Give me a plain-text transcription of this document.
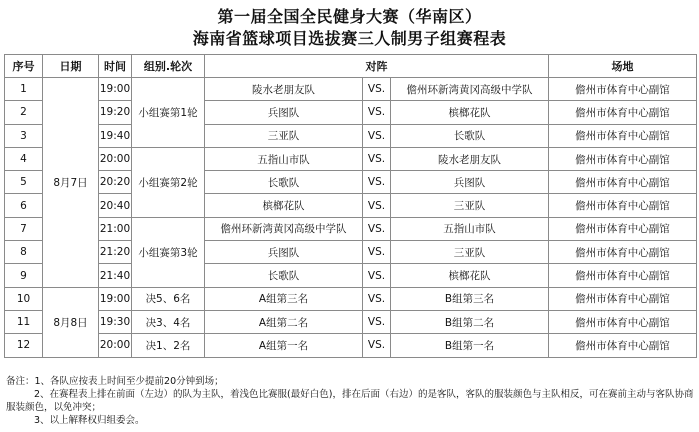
第一届全国全民健身大赛（华南区）
海南省篮球项目选拔赛三人制男子组赛程表
序号	日期	时间	组别.轮次	对阵			场地
1	8月7日	19:00	小组赛第1轮	陵水老朋友队	VS.	儋州环新湾黄冈高级中学队	儋州市体育中心副馆
2		19:20		兵图队	VS.	槟榔花队	儋州市体育中心副馆
3		19:40		三亚队	VS.	长歌队	儋州市体育中心副馆
4		20:00	小组赛第2轮	五指山市队	VS.	陵水老朋友队	儋州市体育中心副馆
5		20:20		长歌队	VS.	兵图队	儋州市体育中心副馆
6		20:40		槟榔花队	VS.	三亚队	儋州市体育中心副馆
7		21:00	小组赛第3轮	儋州环新湾黄冈高级中学队	VS.	五指山市队	儋州市体育中心副馆
8		21:20		兵图队	VS.	三亚队	儋州市体育中心副馆
9		21:40		长歌队	VS.	槟榔花队	儋州市体育中心副馆
10	8月8日	19:00	决5、6名	A组第三名	VS.	B组第三名	儋州市体育中心副馆
11		19:30	决3、4名	A组第二名	VS.	B组第二名	儋州市体育中心副馆
12		20:00	决1、2名	A组第一名	VS.	B组第一名	儋州市体育中心副馆
备注：1、各队应按表上时间至少提前20分钟到场；
2、在赛程表上排在前面（左边）的队为主队，着浅色比赛服(最好白色)，排在后面（右边）的是客队，客队的服装颜色与主队相反，可在赛前主动与客队协商
服装颜色，以免冲突；
3、以上解释权归组委会。
